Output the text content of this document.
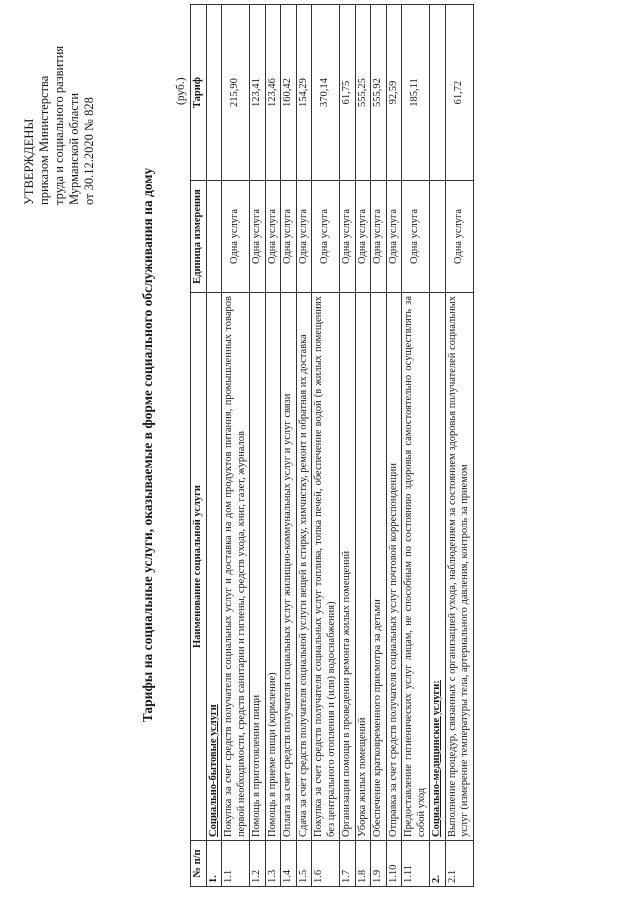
УТВЕРЖДЕНЫ приказом Министерства труда и социального развития Мурманской области от 30.12.2020 № 828
Тарифы на социальные услуги, оказываемые в форме социального обслуживания на дому
(руб.)
№ п/п	Наименование социальной услуги	Единица измерения	Тариф
1.	Социально-бытовые услуги		
1.1	Покупка за счет средств получателя социальных услуг и доставка на дом продуктов питания, промышленных товаров первой необходимости, средств санитарии и гигиены, средств ухода, книг, газет, журналов	Одна услуга	215,90
1.2	Помощь в приготовлении пищи	Одна услуга	123,41
1.3	Помощь в приеме пищи (кормление)	Одна услуга	123,46
1.4	Оплата за счет средств получателя социальных услуг жилищно-коммунальных услуг и услуг связи	Одна услуга	160,42
1.5	Сдача за счет средств получателя социальной услуги вещей в стирку, химчистку, ремонт и обратная их доставка	Одна услуга	154,29
1.6	Покупка за счет средств получателя социальных услуг топлива, топка печей, обеспечение водой (в жилых помещениях без центрального отопления и (или) водоснабжения)	Одна услуга	370,14
1.7	Организация помощи в проведении ремонта жилых помещений	Одна услуга	61,75
1.8	Уборка жилых помещений	Одна услуга	555,25
1.9	Обеспечение кратковременного присмотра за детьми	Одна услуга	555,92
1.10	Отправка за счет средств получателя социальных услуг почтовой корреспонденции	Одна услуга	92,59
1.11	Предоставление гигиенических услуг лицам, не способным по состоянию здоровья самостоятельно осуществлять за собой уход	Одна услуга	185,11
2.	Социально-медицинские услуги:		
2.1	Выполнение процедур, связанных с организацией ухода, наблюдением за состоянием здоровья получателей социальных услуг (измерение температуры тела, артериального давления, контроль за приемом	Одна услуга	61,72
